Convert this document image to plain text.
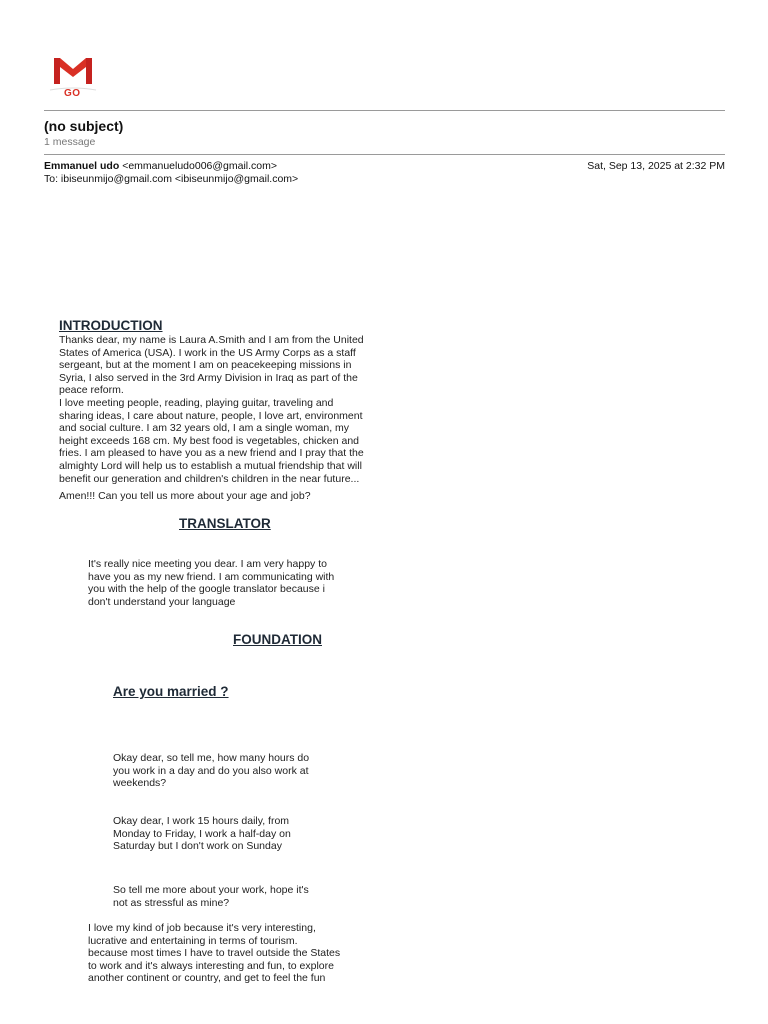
GO
(no subject)
1 message
Emmanuel udo <emmanueludo006@gmail.com>
To: ibiseunmijo@gmail.com <ibiseunmijo@gmail.com>
Sat, Sep 13, 2025 at 2:32 PM
INTRODUCTION

Thanks dear, my name is Laura A.Smith and I am from the United
States of America (USA). I work in the US Army Corps as a staff
sergeant, but at the moment I am on peacekeeping missions in
Syria, I also served in the 3rd Army Division in Iraq as part of the
peace reform.
I love meeting people, reading, playing guitar, traveling and
sharing ideas, I care about nature, people, I love art, environment
and social culture. I am 32 years old, I am a single woman, my
height exceeds 168 cm. My best food is vegetables, chicken and
fries. I am pleased to have you as a new friend and I pray that the
almighty Lord will help us to establish a mutual friendship that will
benefit our generation and children's children in the near future...

Amen!!! Can you tell us more about your age and job?

TRANSLATOR

It's really nice meeting you dear. I am very happy to
have you as my new friend. I am communicating with
you with the help of the google translator because i
don't understand your language

FOUNDATION
Are you married ?

Okay dear, so tell me, how many hours do
you work in a day and do you also work at
weekends?

Okay dear, I work 15 hours daily, from
Monday to Friday, I work a half-day on
Saturday but I don't work on Sunday

So tell me more about your work, hope it's
not as stressful as mine?

I love my kind of job because it's very interesting,
lucrative and entertaining in terms of tourism.
because most times I have to travel outside the States
to work and it's always interesting and fun, to explore
another continent or country, and get to feel the fun
